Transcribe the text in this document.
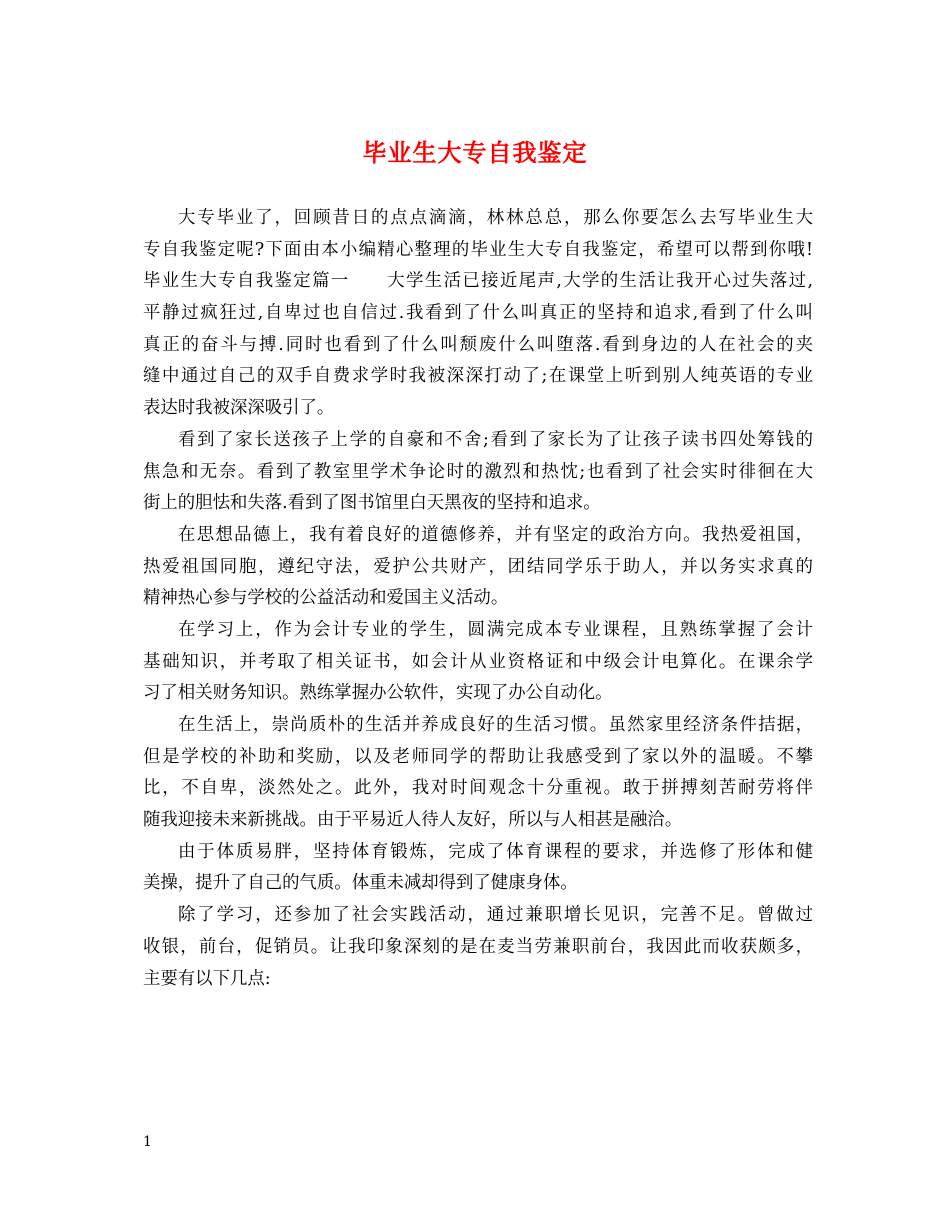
毕业生大专自我鉴定
大专毕业了，回顾昔日的点点滴滴，林林总总，那么你要怎么去写毕业生大
专自我鉴定呢?下面由本小编精心整理的毕业生大专自我鉴定，希望可以帮到你哦!
毕业生大专自我鉴定篇一　　大学生活已接近尾声,大学的生活让我开心过失落过,
平静过疯狂过,自卑过也自信过.我看到了什么叫真正的坚持和追求,看到了什么叫
真正的奋斗与搏.同时也看到了什么叫颓废什么叫堕落.看到身边的人在社会的夹
缝中通过自己的双手自费求学时我被深深打动了;在课堂上听到别人纯英语的专业
表达时我被深深吸引了。
看到了家长送孩子上学的自豪和不舍;看到了家长为了让孩子读书四处筹钱的
焦急和无奈。看到了教室里学术争论时的激烈和热忱;也看到了社会实时徘徊在大
街上的胆怯和失落.看到了图书馆里白天黑夜的坚持和追求。
在思想品德上，我有着良好的道德修养，并有坚定的政治方向。我热爱祖国，
热爱祖国同胞，遵纪守法，爱护公共财产，团结同学乐于助人，并以务实求真的
精神热心参与学校的公益活动和爱国主义活动。
在学习上，作为会计专业的学生，圆满完成本专业课程，且熟练掌握了会计
基础知识，并考取了相关证书，如会计从业资格证和中级会计电算化。在课余学
习了相关财务知识。熟练掌握办公软件，实现了办公自动化。
在生活上，崇尚质朴的生活并养成良好的生活习惯。虽然家里经济条件拮据，
但是学校的补助和奖励，以及老师同学的帮助让我感受到了家以外的温暖。不攀
比，不自卑，淡然处之。此外，我对时间观念十分重视。敢于拼搏刻苦耐劳将伴
随我迎接未来新挑战。由于平易近人待人友好，所以与人相甚是融洽。
由于体质易胖，坚持体育锻炼，完成了体育课程的要求，并选修了形体和健
美操，提升了自己的气质。体重未减却得到了健康身体。
除了学习，还参加了社会实践活动，通过兼职增长见识，完善不足。曾做过
收银，前台，促销员。让我印象深刻的是在麦当劳兼职前台，我因此而收获颇多，
主要有以下几点:
1
